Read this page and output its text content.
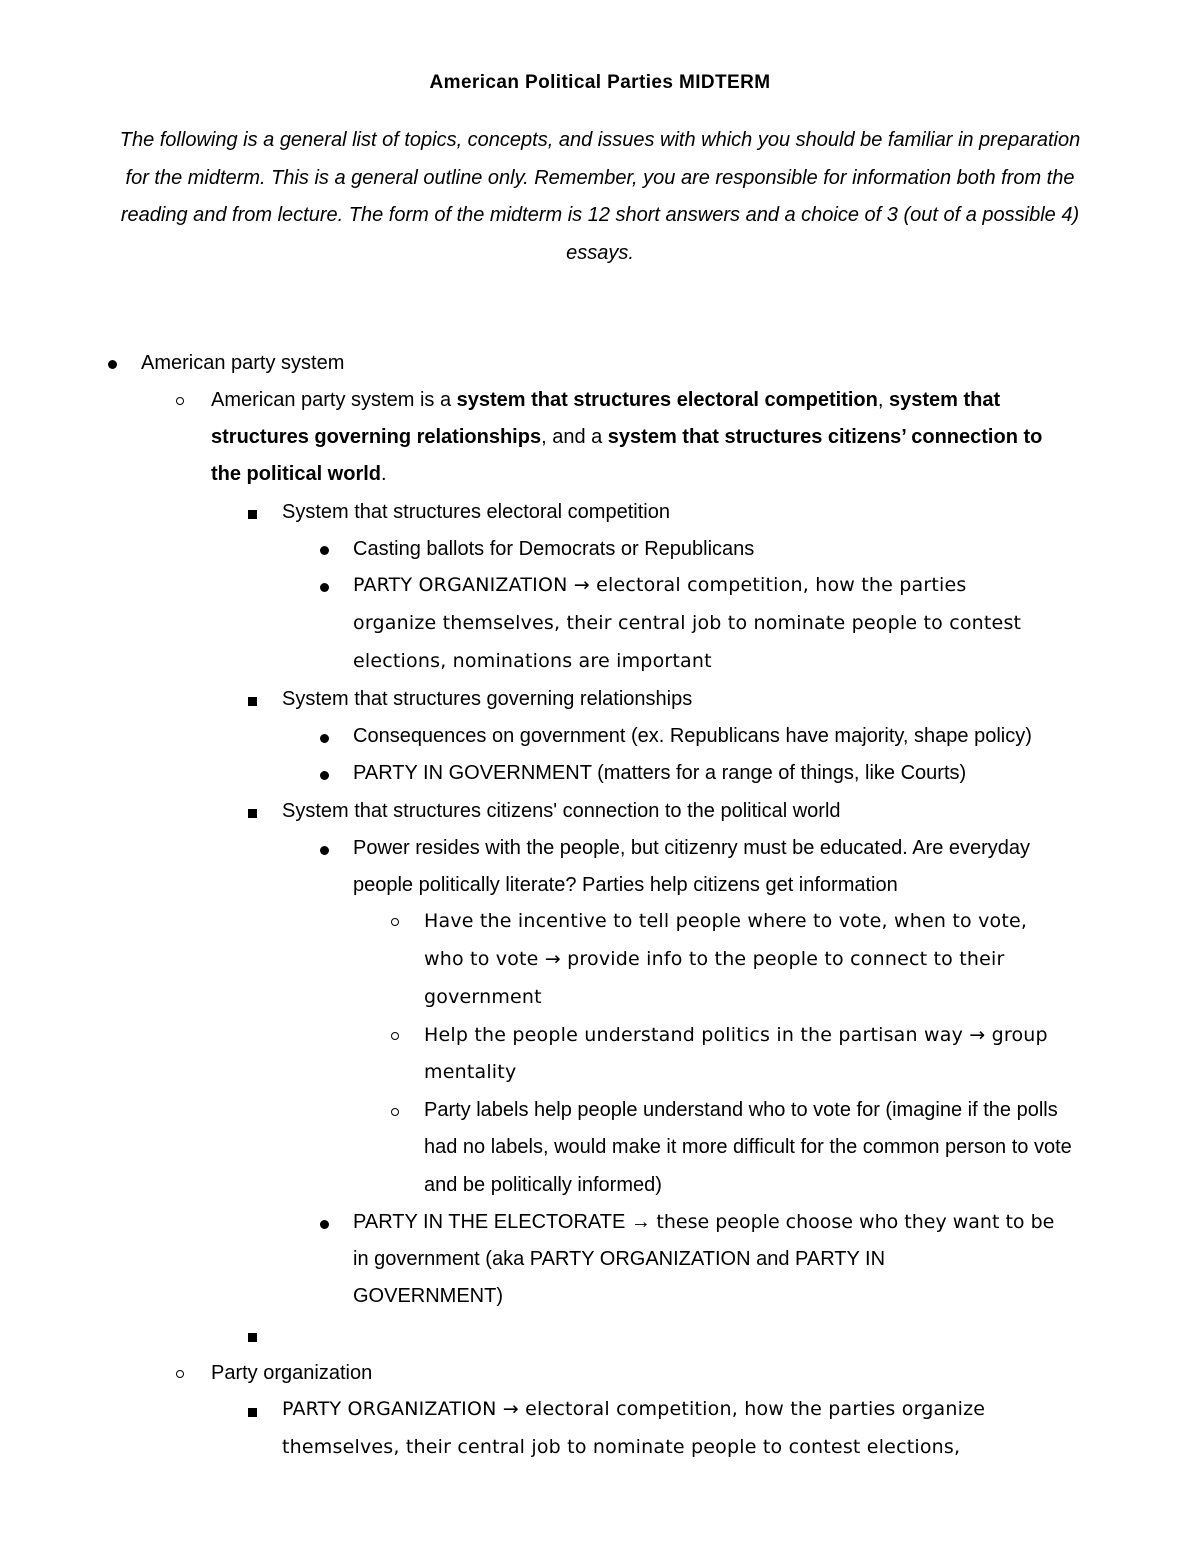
American Political Parties MIDTERM
The following is a general list of topics, concepts, and issues with which you should be familiar in preparation
for the midterm. This is a general outline only. Remember, you are responsible for information both from the
reading and from lecture. The form of the midterm is 12 short answers and a choice of 3 (out of a possible 4)
essays.
American party system
American party system is a system that structures electoral competition, system that
structures governing relationships, and a system that structures citizens’ connection to
the political world.
System that structures electoral competition
Casting ballots for Democrats or Republicans
PARTY ORGANIZATION → electoral competition, how the parties
organize themselves, their central job to nominate people to contest
elections, nominations are important
System that structures governing relationships
Consequences on government (ex. Republicans have majority, shape policy)
PARTY IN GOVERNMENT (matters for a range of things, like Courts)
System that structures citizens' connection to the political world
Power resides with the people, but citizenry must be educated. Are everyday
people politically literate? Parties help citizens get information
Have the incentive to tell people where to vote, when to vote,
who to vote → provide info to the people to connect to their
government
Help the people understand politics in the partisan way → group
mentality
Party labels help people understand who to vote for (imagine if the polls
had no labels, would make it more difficult for the common person to vote
and be politically informed)
PARTY IN THE ELECTORATE → these people choose who they want to be
in government (aka PARTY ORGANIZATION and PARTY IN
GOVERNMENT)
Party organization
PARTY ORGANIZATION → electoral competition, how the parties organize
themselves, their central job to nominate people to contest elections,
